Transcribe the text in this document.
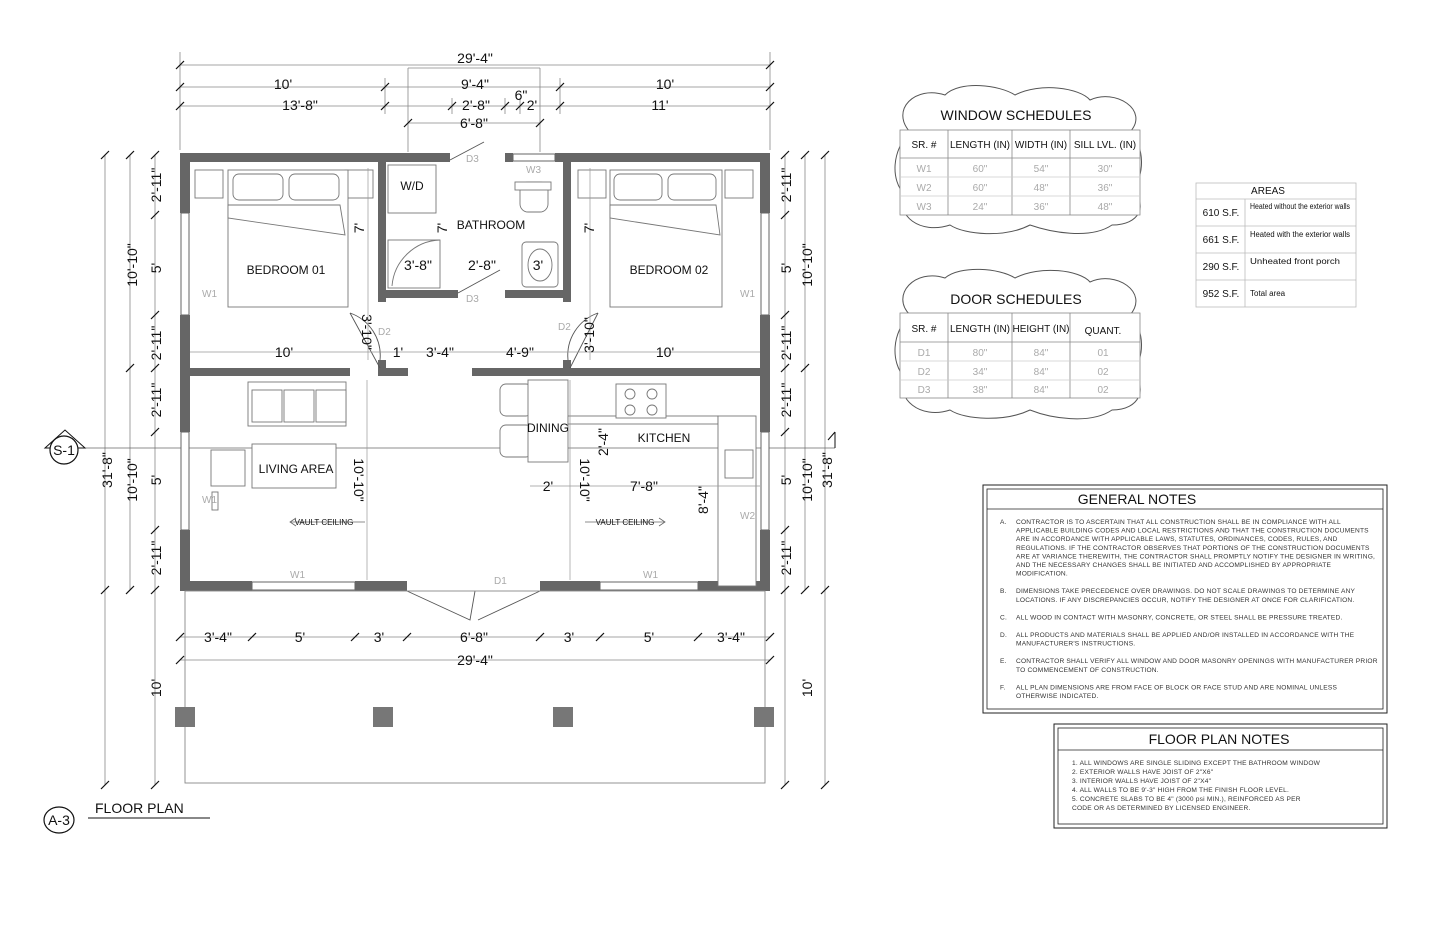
29'-4"
10'	9'-4"	10'
13'-8"	2'-8"
6"
2'	11'
6'-8"
31'-8"
10'-10"
10'-10"
2'-11"
5'
2'-11"
2'-11"
5'
2'-11"
10'
2'-11"
5'
2'-11"
2'-11"
5'
2'-11"
10'-10"
10'-10" 31'-8"
10'
S-1
3'-4"	5'	3'	6'-8"	3'	5'	3'-4"
29'-4"
BEDROOM 01	BEDROOM 02
BATHROOM
W/D
LIVING AREA
DINING
KITCHEN
VAULT CEILING	VAULT CEILING
10'
7'
3'-10"
1' 3'-4"	4'-9"	3'-10"	10'
7'
7'
3'-8"	2'-8"	3'
10'-10"	10'-10"
2'
2'-4"
7'-8"
8'-4"
W1	W1
W1
W2
W1	W1
W3
D3
D3
D2	D2
D1
A-3
FLOOR PLAN
WINDOW SCHEDULES
SR. # LENGTH (IN) WIDTH (IN) SILL LVL. (IN)
W1	60"	54"	30"
W2	60"	48"	36"
W3	24"	36"	48"
DOOR SCHEDULES
SR. # LENGTH (IN) HEIGHT (IN) QUANT.
D1	80"	84"	01
D2	34"	84"	02
D3	38"	84"	02
AREAS
610 S.F.
Heated without the exterior walls
661 S.F.
Heated with the exterior walls
290 S.F.
Unheated front porch
952 S.F. Total area
GENERAL NOTES
A. CONTRACTOR IS TO ASCERTAIN THAT ALL CONSTRUCTION SHALL BE IN COMPLIANCE WITH ALL
APPLICABLE BUILDING CODES AND LOCAL RESTRICTIONS AND THAT THE CONSTRUCTION DOCUMENTS
ARE IN ACCORDANCE WITH APPLICABLE LAWS, STATUTES, ORDINANCES, CODES, RULES, AND
REGULATIONS. IF THE CONTRACTOR OBSERVES THAT PORTIONS OF THE CONSTRUCTION DOCUMENTS
ARE AT VARIANCE THEREWITH, THE CONTRACTOR SHALL PROMPTLY NOTIFY THE DESIGNER IN WRITING,
AND THE NECESSARY CHANGES SHALL BE INITIATED AND ACCOMPLISHED BY APPROPRIATE
MODIFICATION.
B. DIMENSIONS TAKE PRECEDENCE OVER DRAWINGS. DO NOT SCALE DRAWINGS TO DETERMINE ANY
LOCATIONS. IF ANY DISCREPANCIES OCCUR, NOTIFY THE DESIGNER AT ONCE FOR CLARIFICATION.
C. ALL WOOD IN CONTACT WITH MASONRY, CONCRETE, OR STEEL SHALL BE PRESSURE TREATED.
D. ALL PRODUCTS AND MATERIALS SHALL BE APPLIED AND/OR INSTALLED IN ACCORDANCE WITH THE
MANUFACTURER'S INSTRUCTIONS.
E. CONTRACTOR SHALL VERIFY ALL WINDOW AND DOOR MASONRY OPENINGS WITH MANUFACTURER PRIOR
TO COMMENCEMENT OF CONSTRUCTION.
F. ALL PLAN DIMENSIONS ARE FROM FACE OF BLOCK OR FACE STUD AND ARE NOMINAL UNLESS
OTHERWISE INDICATED.
FLOOR PLAN NOTES
1. ALL WINDOWS ARE SINGLE SLIDING EXCEPT THE BATHROOM WINDOW
2. EXTERIOR WALLS HAVE JOIST OF 2"X6"
3. INTERIOR WALLS HAVE JOIST OF 2"X4"
4. ALL WALLS TO BE 9'-3" HIGH FROM THE FINISH FLOOR LEVEL.
5. CONCRETE SLABS TO BE 4" (3000 psi MIN.), REINFORCED AS PER
CODE OR AS DETERMINED BY LICENSED ENGINEER.
